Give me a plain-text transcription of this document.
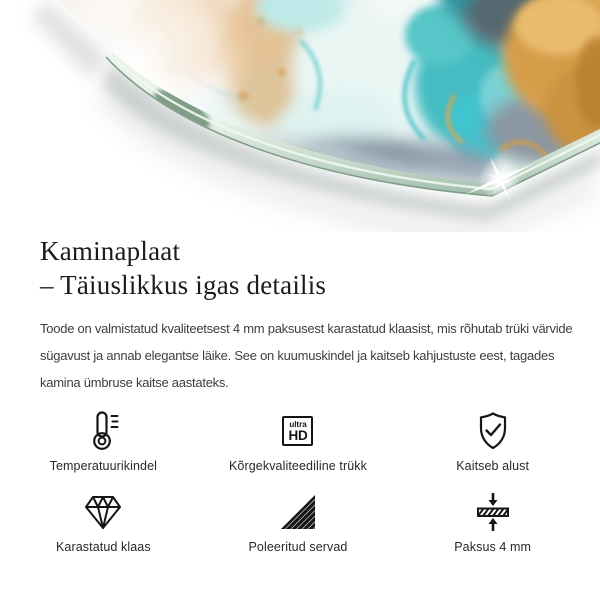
Kaminaplaat
– Täiuslikkus igas detailis

Toode on valmistatud kvaliteetsest 4 mm paksusest karastatud klaasist, mis rõhutab trüki värvide
sügavust ja annab elegantse läike. See on kuumuskindel ja kaitseb kahjustuste eest, tagades
kamina ümbruse kaitse aastateks.

Temperatuurikindel
ultra
HD
Kõrgekvaliteediline trükk	Kaitseb alust
Karastatud klaas	Poleeritud servad	Paksus 4 mm
